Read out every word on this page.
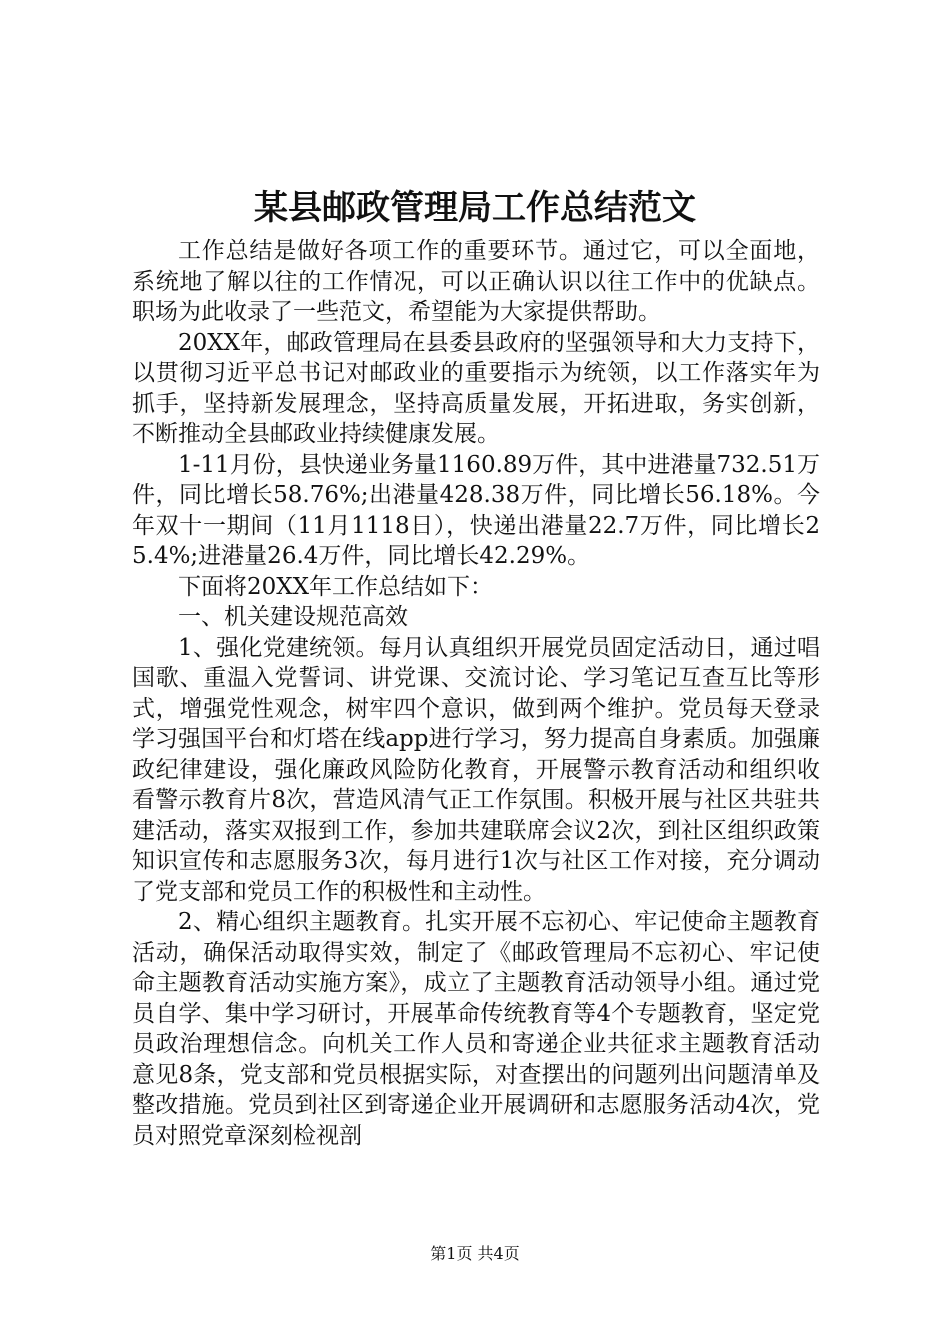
某县邮政管理局工作总结范文

工作总结是做好各项工作的重要环节。通过它，可以全面地，系统地了解以往的工作情况，可以正确认识以往工作中的优缺点。职场为此收录了一些范文，希望能为大家提供帮助。

20XX年，邮政管理局在县委县政府的坚强领导和大力支持下，以贯彻习近平总书记对邮政业的重要指示为统领，以工作落实年为抓手，坚持新发展理念，坚持高质量发展，开拓进取，务实创新，不断推动全县邮政业持续健康发展。

1-11月份，县快递业务量1160.89万件，其中进港量732.51万件，同比增长58.76%;出港量428.38万件，同比增长56.18%。今年双十一期间（11月1118日），快递出港量22.7万件，同比增长25.4%;进港量26.4万件，同比增长42.29%。

下面将20XX年工作总结如下：

一、机关建设规范高效

1、强化党建统领。每月认真组织开展党员固定活动日，通过唱国歌、重温入党誓词、讲党课、交流讨论、学习笔记互查互比等形式，增强党性观念，树牢四个意识，做到两个维护。党员每天登录学习强国平台和灯塔在线app进行学习，努力提高自身素质。加强廉政纪律建设，强化廉政风险防化教育，开展警示教育活动和组织收看警示教育片8次，营造风清气正工作氛围。积极开展与社区共驻共建活动，落实双报到工作，参加共建联席会议2次，到社区组织政策知识宣传和志愿服务3次，每月进行1次与社区工作对接，充分调动了党支部和党员工作的积极性和主动性。

2、精心组织主题教育。扎实开展不忘初心、牢记使命主题教育活动，确保活动取得实效，制定了《邮政管理局不忘初心、牢记使命主题教育活动实施方案》，成立了主题教育活动领导小组。通过党员自学、集中学习研讨，开展革命传统教育等4个专题教育，坚定党员政治理想信念。向机关工作人员和寄递企业共征求主题教育活动意见8条，党支部和党员根据实际，对查摆出的问题列出问题清单及整改措施。党员到社区到寄递企业开展调研和志愿服务活动4次，党员对照党章深刻检视剖

第1页 共4页
